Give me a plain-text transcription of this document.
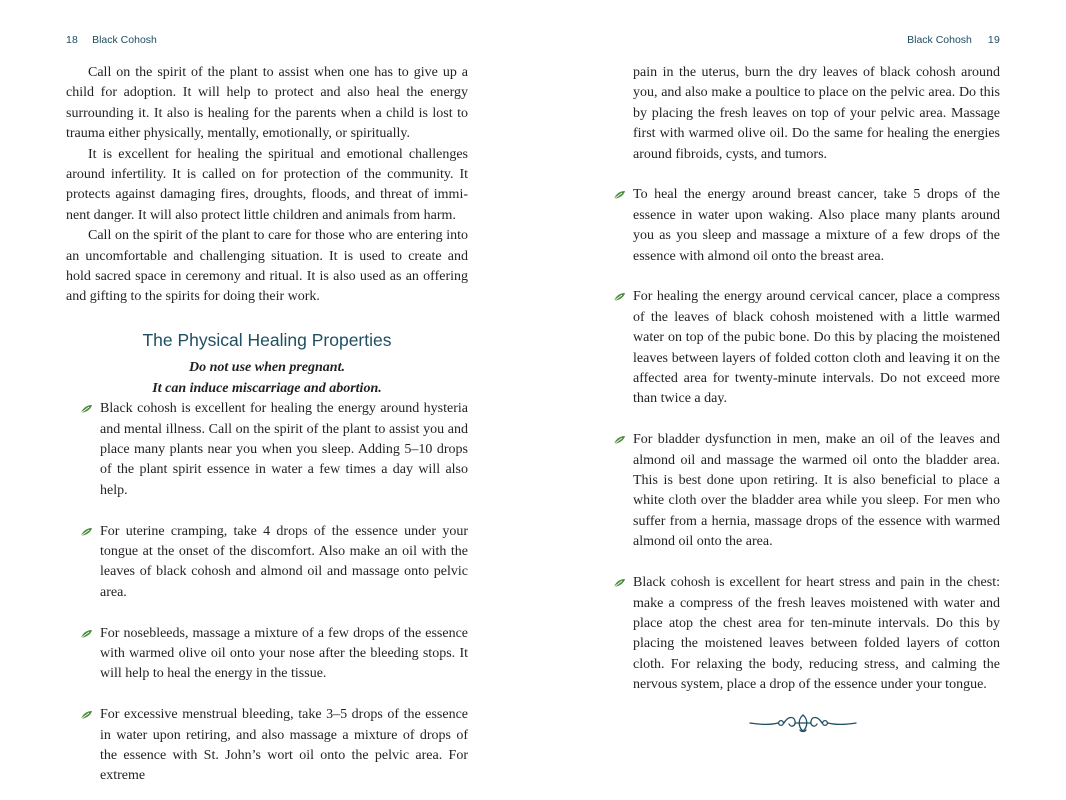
18 Black Cohosh

Call on the spirit of the plant to assist when one has to give up a child for adoption. It will help to protect and also heal the energy surrounding it. It also is healing for the parents when a child is lost to trauma either physically, mentally, emotionally, or spiritually.

It is excellent for healing the spiritual and emotional challenges around infertility. It is called on for protection of the community. It protects against damaging fires, droughts, floods, and threat of imminent danger. It will also protect little children and animals from harm.

Call on the spirit of the plant to care for those who are entering into an uncomfortable and challenging situation. It is used to create and hold sacred space in ceremony and ritual. It is also used as an offering and gifting to the spirits for doing their work.

The Physical Healing Properties
Do not use when pregnant.
It can induce miscarriage and abortion.
Black cohosh is excellent for healing the energy around hysteria and mental illness. Call on the spirit of the plant to assist you and place many plants near you when you sleep. Adding 5–10 drops of the plant spirit essence in water a few times a day will also help.
For uterine cramping, take 4 drops of the essence under your tongue at the onset of the discomfort. Also make an oil with the leaves of black cohosh and almond oil and massage onto pelvic area.
For nosebleeds, massage a mixture of a few drops of the essence with warmed olive oil onto your nose after the bleeding stops. It will help to heal the energy in the tissue.
For excessive menstrual bleeding, take 3–5 drops of the essence in water upon retiring, and also massage a mixture of drops of the essence with St. John’s wort oil onto the pelvic area. For extreme
Black Cohosh 19

pain in the uterus, burn the dry leaves of black cohosh around you, and also make a poultice to place on the pelvic area. Do this by placing the fresh leaves on top of your pelvic area. Massage first with warmed olive oil. Do the same for healing the energies around fibroids, cysts, and tumors.

To heal the energy around breast cancer, take 5 drops of the essence in water upon waking. Also place many plants around you as you sleep and massage a mixture of a few drops of the essence with almond oil onto the breast area.
For healing the energy around cervical cancer, place a compress of the leaves of black cohosh moistened with a little warmed water on top of the pubic bone. Do this by placing the moistened leaves between layers of folded cotton cloth and leaving it on the affected area for twenty-minute intervals. Do not exceed more than twice a day.
For bladder dysfunction in men, make an oil of the leaves and almond oil and massage the warmed oil onto the bladder area. This is best done upon retiring. It is also beneficial to place a white cloth over the bladder area while you sleep. For men who suffer from a hernia, massage drops of the essence with warmed almond oil onto the area.
Black cohosh is excellent for heart stress and pain in the chest: make a compress of the fresh leaves moistened with water and place atop the chest area for ten-minute intervals. Do this by placing the moistened leaves between folded layers of cotton cloth. For relaxing the body, reducing stress, and calming the nervous system, place a drop of the essence under your tongue.
